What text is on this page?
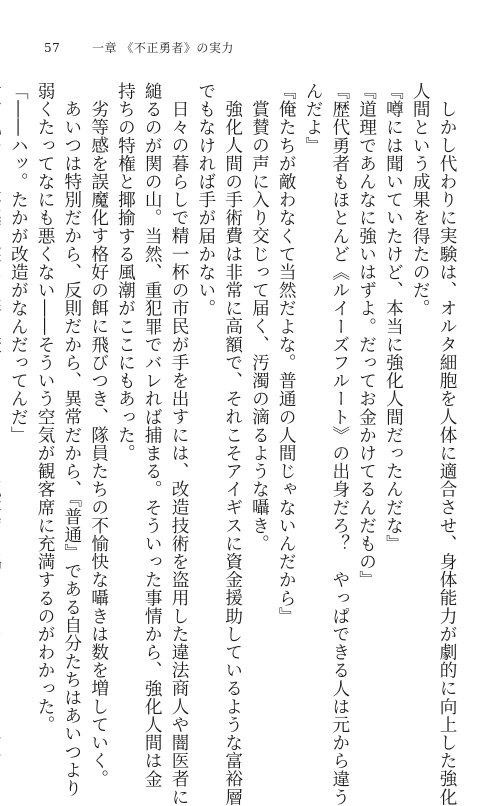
57	一章 《不正勇者》の実力
しかし代わりに実験は、オルタ細胞を人体に適合させ、身体能力が劇的に向上した強化
人間という成果を得たのだ。
『噂には聞いていたけど、本当に強化人間だったんだな』
『道理であんなに強いはずよ。だってお金かけてるんだもの』
『歴代勇者もほとんど《ルイーズフルート》の出身だろ？　やっぱできる人は元から違う
んだよ』
『俺たちが敵わなくて当然だよな。普通の人間じゃないんだから』
賞賛の声に入り交じって届く、汚濁の滴るような囁き。
強化人間の手術費は非常に高額で、それこそアイギスに資金援助しているような富裕層
でもなければ手が届かない。
日々の暮らしで精一杯の市民が手を出すには、改造技術を盗用した違法商人や闇医者に
縋るのが関の山。当然、重犯罪でバレれば捕まる。そういった事情から、強化人間は金
持ちの特権と揶揄する風潮がここにもあった。
劣等感を誤魔化す格好の餌に飛びつき、隊員たちの不愉快な囁きは数を増していく。
あいつは特別だから、反則だから、異常だから、『普通』である自分たちはあいつより
弱くたってなにも悪くない――そういう空気が観客席に充満するのがわかった。
「――ハッ。たかが改造がなんだってんだ」
